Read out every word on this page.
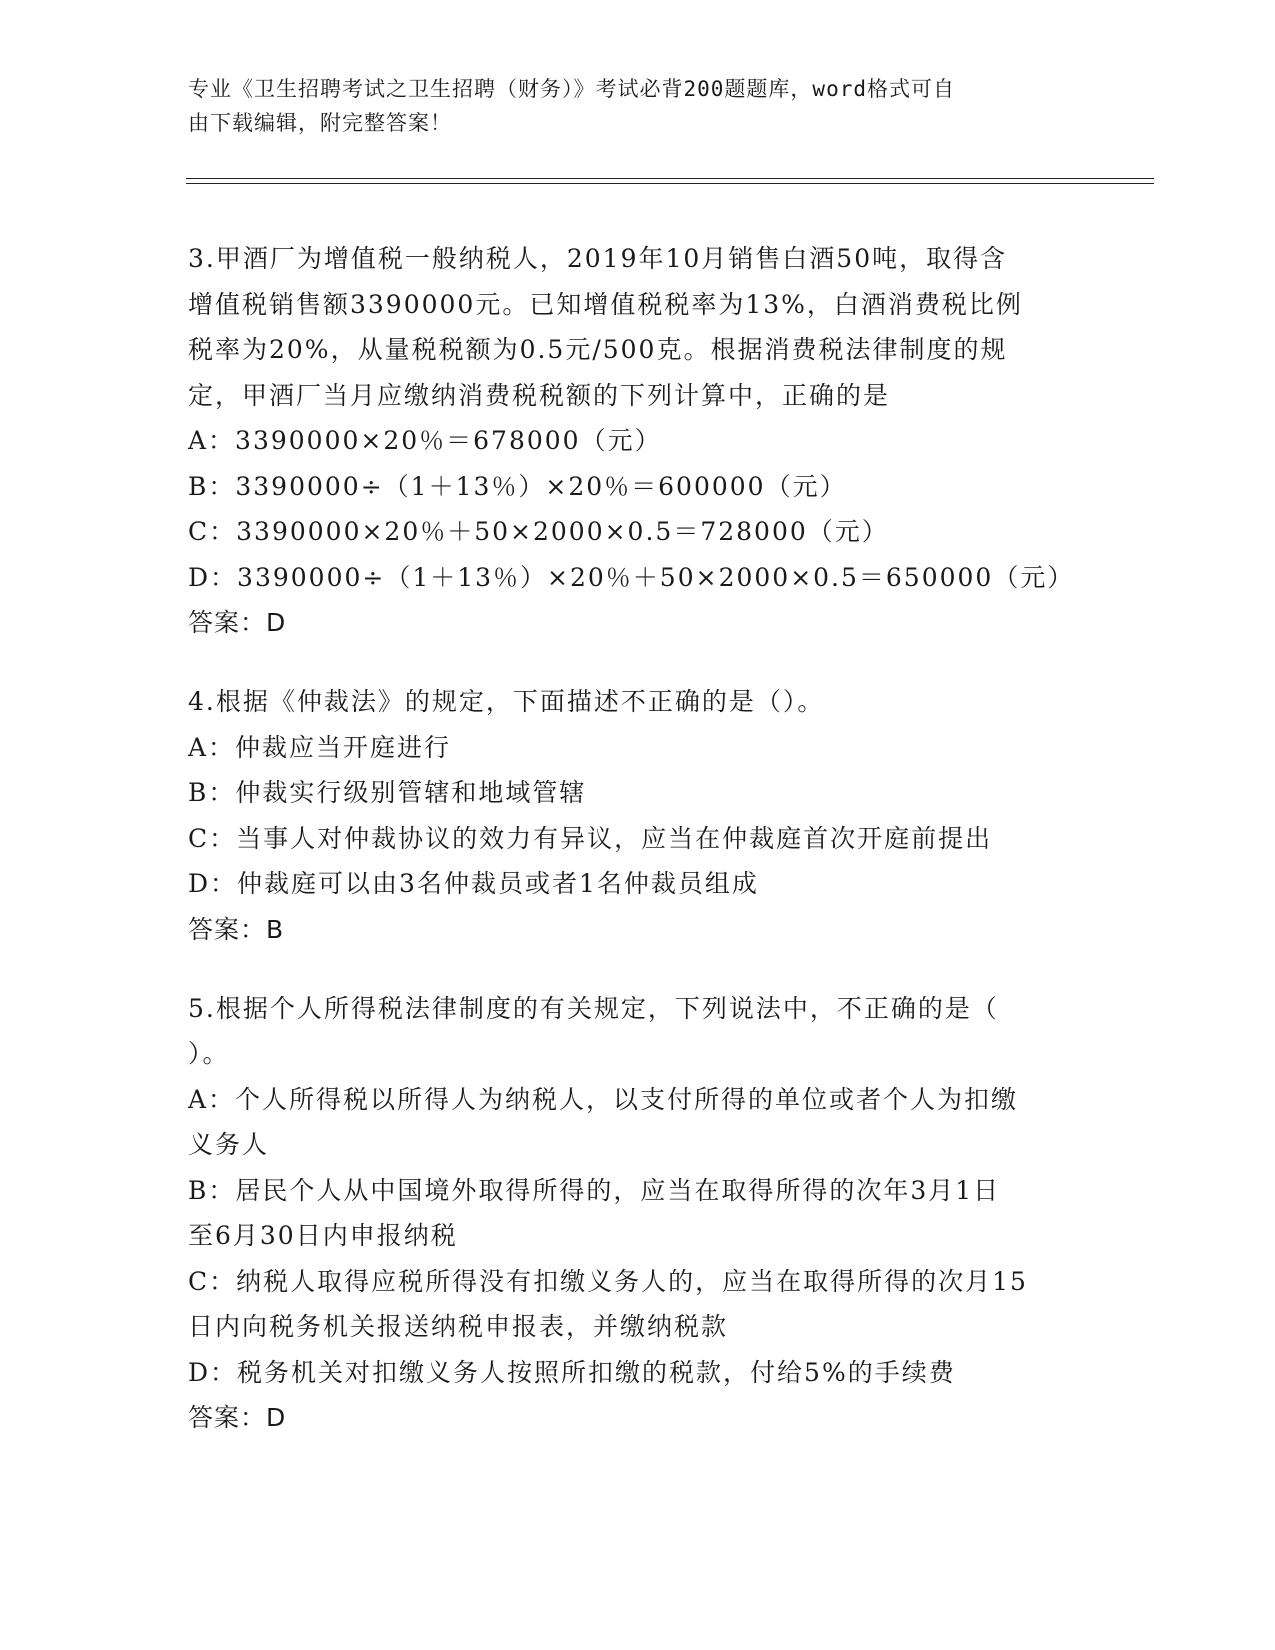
专业《卫生招聘考试之卫生招聘（财务）》考试必背200题题库，word格式可自
由下载编辑，附完整答案！
3.甲酒厂为增值税一般纳税人，2019年10月销售白酒50吨，取得含
增值税销售额3390000元。已知增值税税率为13%，白酒消费税比例
税率为20%，从量税税额为0.5元/500克。根据消费税法律制度的规
定，甲酒厂当月应缴纳消费税税额的下列计算中，正确的是
A：3390000×20％＝678000（元）
B：3390000÷（1＋13％）×20％＝600000（元）
C：3390000×20％＋50×2000×0.5＝728000（元）
D：3390000÷（1＋13％）×20％＋50×2000×0.5＝650000（元）
答案：D
4.根据《仲裁法》的规定，下面描述不正确的是（）。
A：仲裁应当开庭进行
B：仲裁实行级别管辖和地域管辖
C：当事人对仲裁协议的效力有异议，应当在仲裁庭首次开庭前提出
D：仲裁庭可以由3名仲裁员或者1名仲裁员组成
答案：B
5.根据个人所得税法律制度的有关规定，下列说法中，不正确的是（
）。
A：个人所得税以所得人为纳税人，以支付所得的单位或者个人为扣缴
义务人
B：居民个人从中国境外取得所得的，应当在取得所得的次年3月1日
至6月30日内申报纳税
C：纳税人取得应税所得没有扣缴义务人的，应当在取得所得的次月15
日内向税务机关报送纳税申报表，并缴纳税款
D：税务机关对扣缴义务人按照所扣缴的税款，付给5%的手续费
答案：D
